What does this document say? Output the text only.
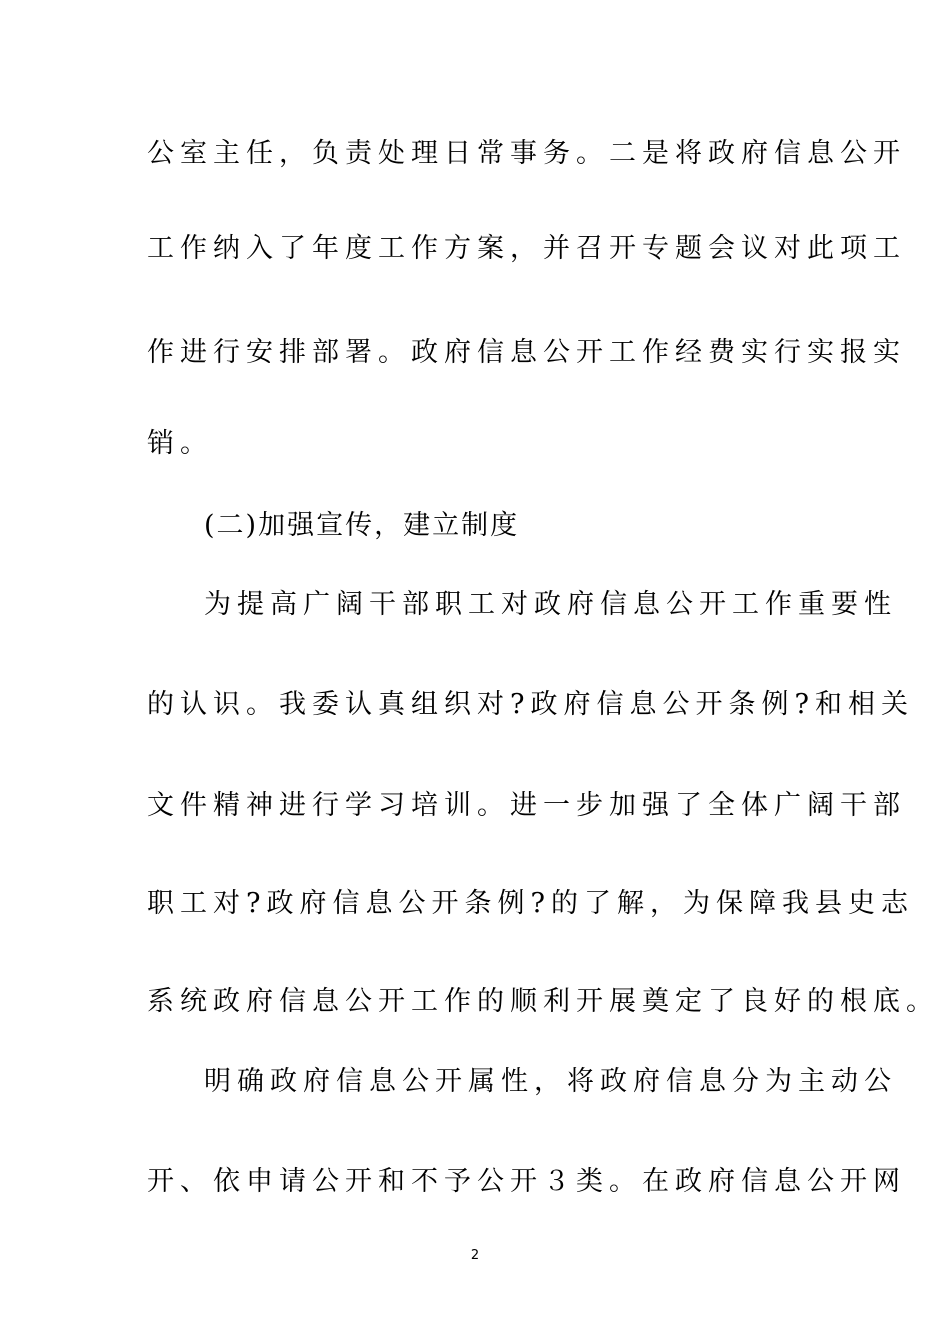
公室主任，负责处理日常事务。二是将政府信息公开
工作纳入了年度工作方案，并召开专题会议对此项工
作进行安排部署。政府信息公开工作经费实行实报实
销。
(二)加强宣传，建立制度
为提高广阔干部职工对政府信息公开工作重要性
的认识。我委认真组织对?政府信息公开条例?和相关
文件精神进行学习培训。进一步加强了全体广阔干部
职工对?政府信息公开条例?的了解，为保障我县史志
系统政府信息公开工作的顺利开展奠定了良好的根底。
明确政府信息公开属性，将政府信息分为主动公
开、依申请公开和不予公开３类。在政府信息公开网
2
